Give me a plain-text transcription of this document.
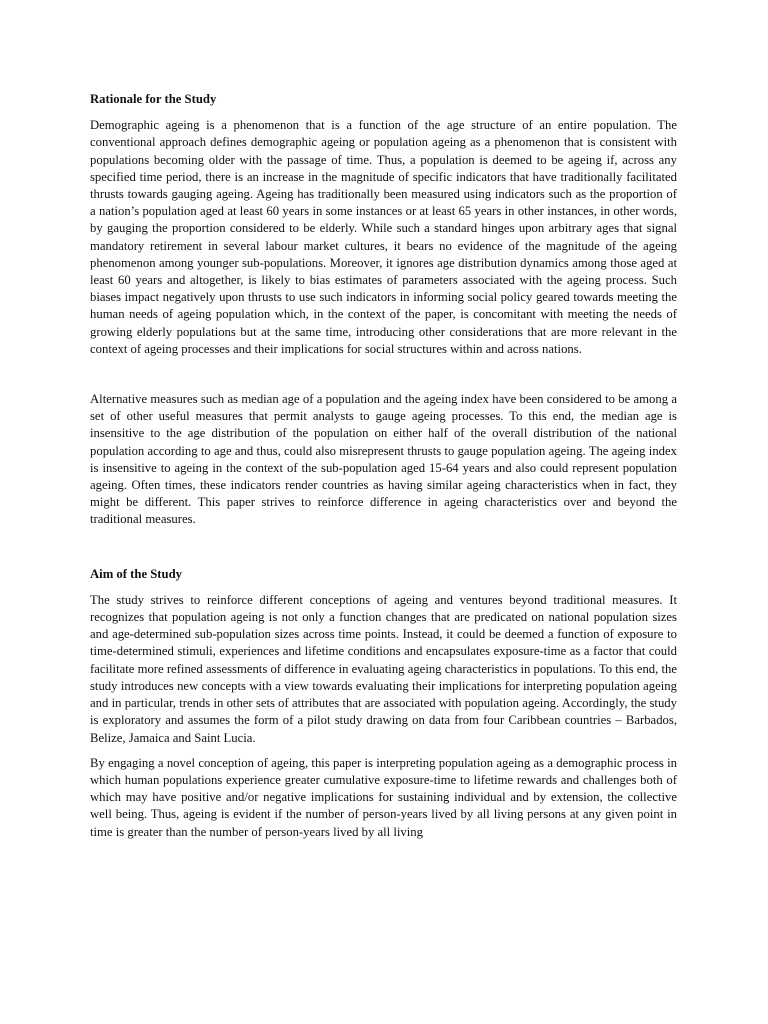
Rationale for the Study

Demographic ageing is a phenomenon that is a function of the age structure of an entire population. The conventional approach defines demographic ageing or population ageing as a phenomenon that is consistent with populations becoming older with the passage of time. Thus, a population is deemed to be ageing if, across any specified time period, there is an increase in the magnitude of specific indicators that have traditionally facilitated thrusts towards gauging ageing. Ageing has traditionally been measured using indicators such as the proportion of a nation’s population aged at least 60 years in some instances or at least 65 years in other instances, in other words, by gauging the proportion considered to be elderly. While such a standard hinges upon arbitrary ages that signal mandatory retirement in several labour market cultures, it bears no evidence of the magnitude of the ageing phenomenon among younger sub-populations. Moreover, it ignores age distribution dynamics among those aged at least 60 years and altogether, is likely to bias estimates of parameters associated with the ageing process. Such biases impact negatively upon thrusts to use such indicators in informing social policy geared towards meeting the human needs of ageing population which, in the context of the paper, is concomitant with meeting the needs of growing elderly populations but at the same time, introducing other considerations that are more relevant in the context of ageing processes and their implications for social structures within and across nations.

Alternative measures such as median age of a population and the ageing index have been considered to be among a set of other useful measures that permit analysts to gauge ageing processes. To this end, the median age is insensitive to the age distribution of the population on either half of the overall distribution of the national population according to age and thus, could also misrepresent thrusts to gauge population ageing. The ageing index is insensitive to ageing in the context of the sub-population aged 15-64 years and also could represent population ageing. Often times, these indicators render countries as having similar ageing characteristics when in fact, they might be different. This paper strives to reinforce difference in ageing characteristics over and beyond the traditional measures.

Aim of the Study

The study strives to reinforce different conceptions of ageing and ventures beyond traditional measures. It recognizes that population ageing is not only a function changes that are predicated on national population sizes and age-determined sub-population sizes across time points. Instead, it could be deemed a function of exposure to time-determined stimuli, experiences and lifetime conditions and encapsulates exposure-time as a factor that could facilitate more refined assessments of difference in evaluating ageing characteristics in populations. To this end, the study introduces new concepts with a view towards evaluating their implications for interpreting population ageing and in particular, trends in other sets of attributes that are associated with population ageing. Accordingly, the study is exploratory and assumes the form of a pilot study drawing on data from four Caribbean countries – Barbados, Belize, Jamaica and Saint Lucia.

By engaging a novel conception of ageing, this paper is interpreting population ageing as a demographic process in which human populations experience greater cumulative exposure-time to lifetime rewards and challenges both of which may have positive and/or negative implications for sustaining individual and by extension, the collective well being. Thus, ageing is evident if the number of person-years lived by all living persons at any given point in time is greater than the number of person-years lived by all living
